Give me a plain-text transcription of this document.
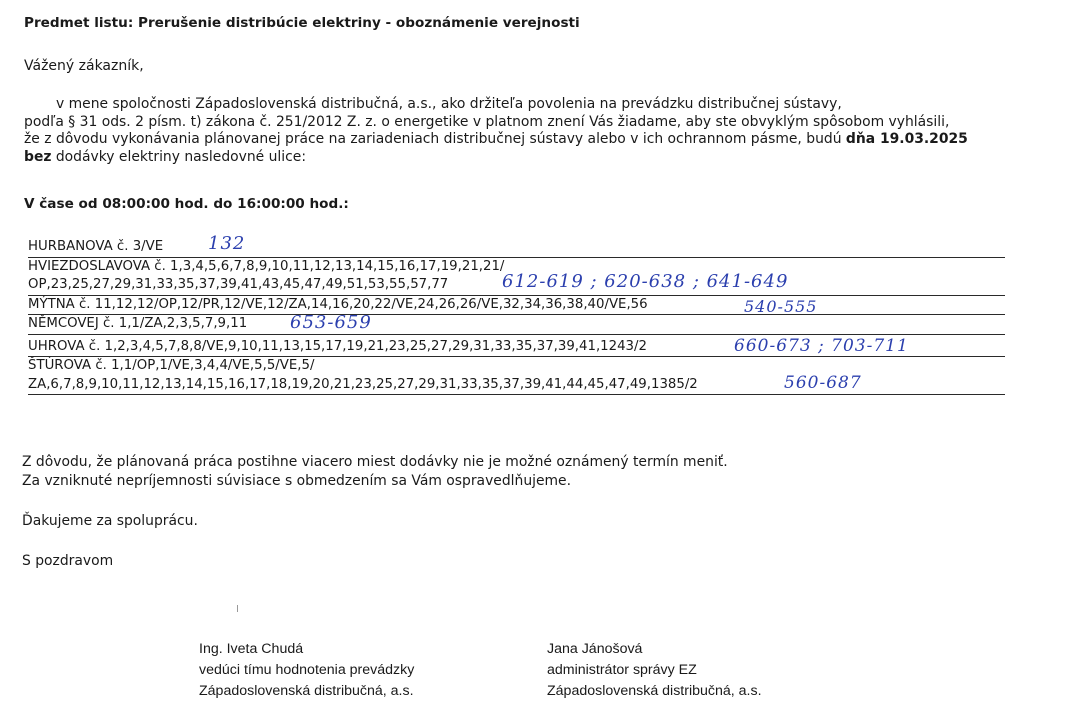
Predmet listu: Prerušenie distribúcie elektriny - oboznámenie verejnosti
Vážený zákazník,
v mene spoločnosti Západoslovenská distribučná, a.s., ako držiteľa povolenia na prevádzku distribučnej sústavy,
podľa § 31 ods. 2 písm. t) zákona č. 251/2012 Z. z. o energetike v platnom znení Vás žiadame, aby ste obvyklým spôsobom vyhlásili,
že z dôvodu vykonávania plánovanej práce na zariadeniach distribučnej sústavy alebo v ich ochrannom pásme, budú dňa 19.03.2025
bez dodávky elektriny nasledovné ulice:
V čase od 08:00:00 hod. do 16:00:00 hod.:
HURBANOVA č. 3/VE	132
HVIEZDOSLAVOVA č. 1,3,4,5,6,7,8,9,10,11,12,13,14,15,16,17,19,21,21/
OP,23,25,27,29,31,33,35,37,39,41,43,45,47,49,51,53,55,57,77	612-619 ; 620-638 ; 641-649
MÝTNA č. 11,12,12/OP,12/PR,12/VE,12/ZA,14,16,20,22/VE,24,26,26/VE,32,34,36,38,40/VE,56	540-555
NĚMCOVEJ č. 1,1/ZA,2,3,5,7,9,11	653-659
UHROVA č. 1,2,3,4,5,7,8,8/VE,9,10,11,13,15,17,19,21,23,25,27,29,31,33,35,37,39,41,1243/2	660-673 ; 703-711
ŠTÚROVA č. 1,1/OP,1/VE,3,4,4/VE,5,5/VE,5/
ZA,6,7,8,9,10,11,12,13,14,15,16,17,18,19,20,21,23,25,27,29,31,33,35,37,39,41,44,45,47,49,1385/2	560-687
Z dôvodu, že plánovaná práca postihne viacero miest dodávky nie je možné oznámený termín meniť.
Za vzniknuté nepríjemnosti súvisiace s obmedzením sa Vám ospravedlňujeme.
Ďakujeme za spoluprácu.
S pozdravom
Ing. Iveta Chudá
vedúci tímu hodnotenia prevádzky
Západoslovenská distribučná, a.s.
Jana Jánošová
administrátor správy EZ
Západoslovenská distribučná, a.s.
